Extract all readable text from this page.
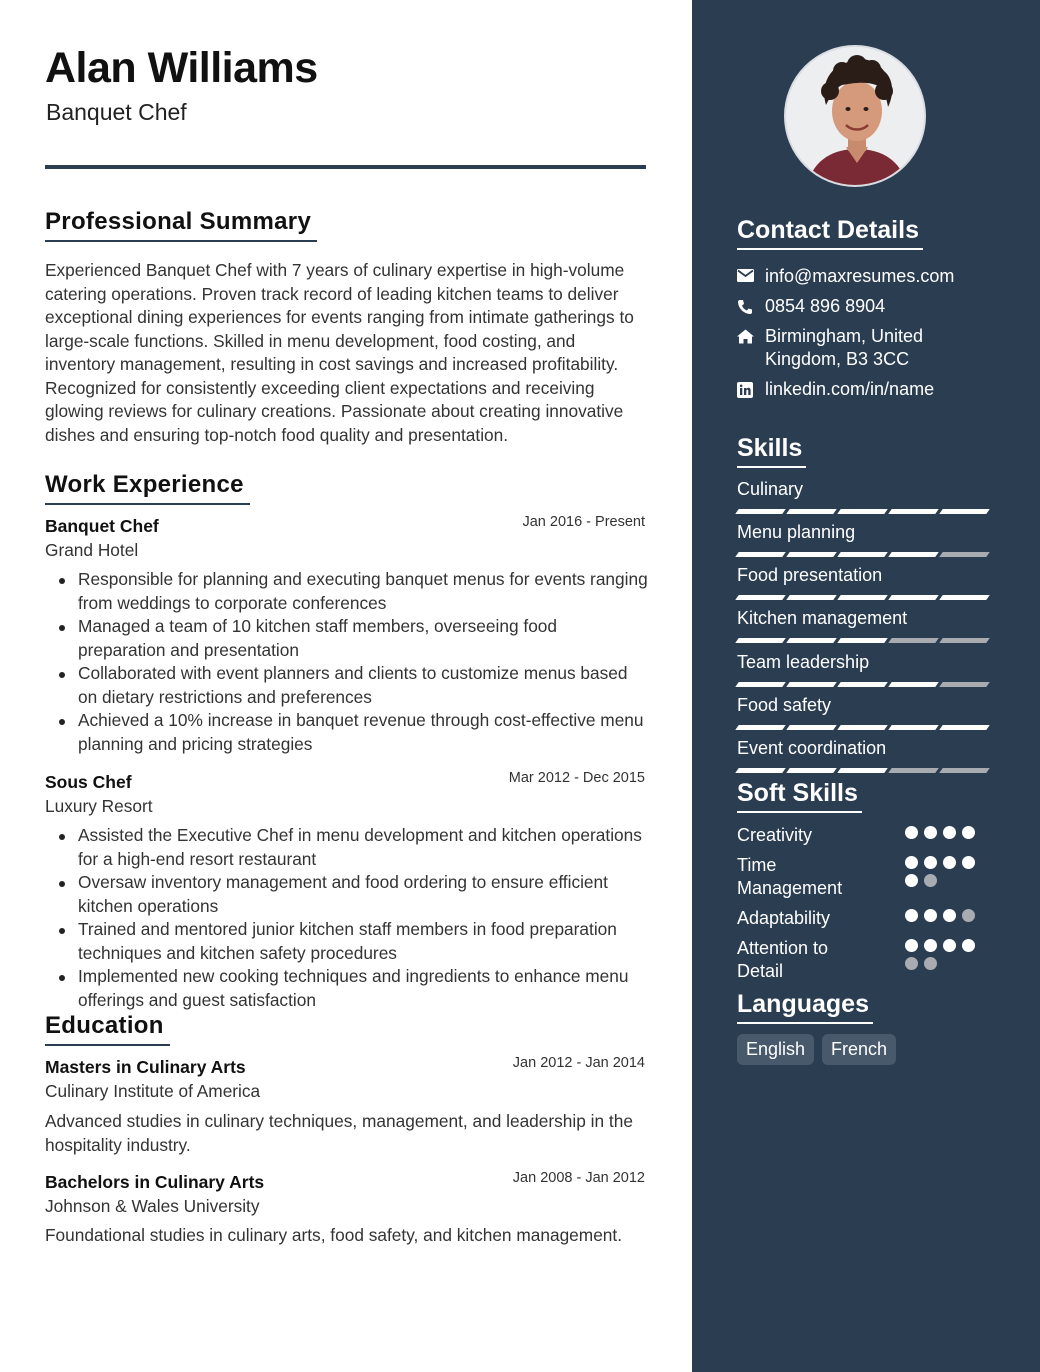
Alan Williams
Banquet Chef
Professional Summary
Experienced Banquet Chef with 7 years of culinary expertise in high-volume catering operations. Proven track record of leading kitchen teams to deliver exceptional dining experiences for events ranging from intimate gatherings to large-scale functions. Skilled in menu development, food costing, and inventory management, resulting in cost savings and increased profitability. Recognized for consistently exceeding client expectations and receiving glowing reviews for culinary creations. Passionate about creating innovative dishes and ensuring top-notch food quality and presentation.
Work Experience
Banquet Chef	Jan 2016 - Present
Grand Hotel
Responsible for planning and executing banquet menus for events ranging from weddings to corporate conferences
Managed a team of 10 kitchen staff members, overseeing food preparation and presentation
Collaborated with event planners and clients to customize menus based on dietary restrictions and preferences
Achieved a 10% increase in banquet revenue through cost-effective menu planning and pricing strategies
Sous Chef	Mar 2012 - Dec 2015
Luxury Resort
Assisted the Executive Chef in menu development and kitchen operations for a high-end resort restaurant
Oversaw inventory management and food ordering to ensure efficient kitchen operations
Trained and mentored junior kitchen staff members in food preparation techniques and kitchen safety procedures
Implemented new cooking techniques and ingredients to enhance menu offerings and guest satisfaction
Education
Masters in Culinary Arts	Jan 2012 - Jan 2014
Culinary Institute of America
Advanced studies in culinary techniques, management, and leadership in the hospitality industry.
Bachelors in Culinary Arts	Jan 2008 - Jan 2012
Johnson & Wales University
Foundational studies in culinary arts, food safety, and kitchen management.
Contact Details
info@maxresumes.com
0854 896 8904
Birmingham, United Kingdom, B3 3CC
linkedin.com/in/name
Skills
Culinary
Menu planning
Food presentation
Kitchen management
Team leadership
Food safety
Event coordination
Soft Skills
Creativity
Time Management
Adaptability
Attention to Detail
Languages
English	French
